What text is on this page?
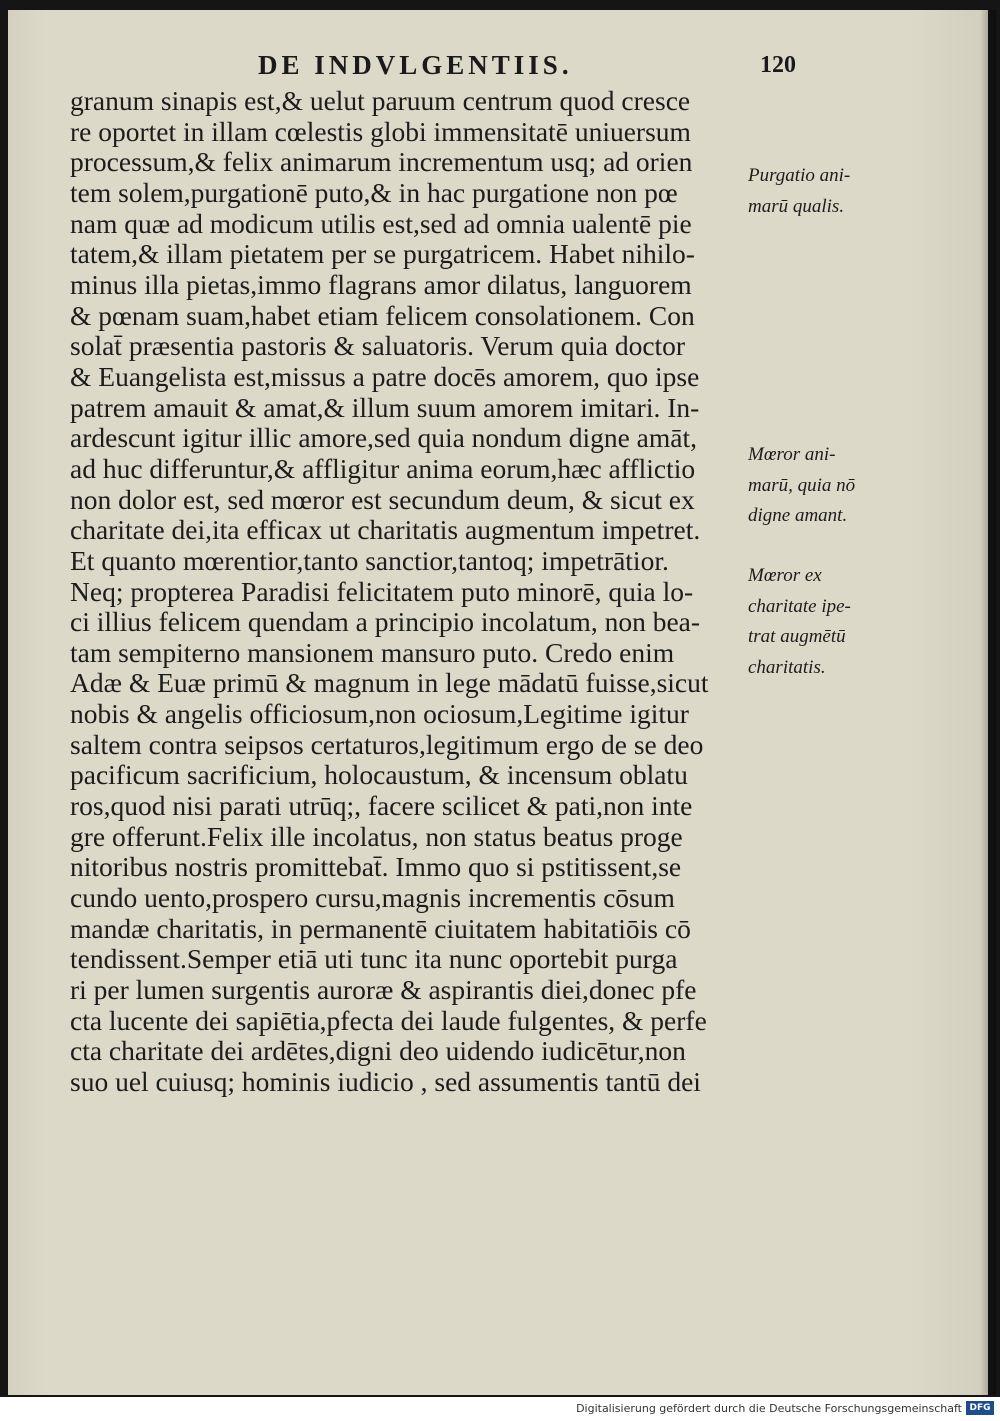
DE INDVLGENTIIS.	120
granum sinapis est,& uelut paruum centrum quod cresce
re oportet in illam cœlestis globi immensitatē uniuersum
processum,& felix animarum incrementum usq; ad orien
tem solem,purgationē puto,& in hac purgatione non pœ
nam quæ ad modicum utilis est,sed ad omnia ualentē pie
tatem,& illam pietatem per se purgatricem. Habet nihilo-
minus illa pietas,immo flagrans amor dilatus, languorem
& pœnam suam,habet etiam felicem consolationem. Con
solat̄ præsentia pastoris & saluatoris. Verum quia doctor
& Euangelista est,missus a patre docēs amorem, quo ipse
patrem amauit & amat,& illum suum amorem imitari. In-
ardescunt igitur illic amore,sed quia nondum digne amāt,
ad huc differuntur,& affligitur anima eorum,hæc afflictio
non dolor est, sed mœror est secundum deum, & sicut ex
charitate dei,ita efficax ut charitatis augmentum impetret.
Et quanto mœrentior,tanto sanctior,tantoq; impetrātior.
Neq; propterea Paradisi felicitatem puto minorē, quia lo-
ci illius felicem quendam a principio incolatum, non bea-
tam sempiterno mansionem mansuro puto. Credo enim
Adæ & Euæ primū & magnum in lege mādatū fuisse,sicut
nobis & angelis officiosum,non ociosum,Legitime igitur
saltem contra seipsos certaturos,legitimum ergo de se deo
pacificum sacrificium, holocaustum, & incensum oblatu
ros,quod nisi parati utrūq;, facere scilicet & pati,non inte
gre offerunt.Felix ille incolatus, non status beatus proge
nitoribus nostris promittebat̄. Immo quo si pstitissent,se
cundo uento,prospero cursu,magnis incrementis cōsum
mandæ charitatis, in permanentē ciuitatem habitatiōis cō
tendissent.Semper etiā uti tunc ita nunc oportebit purga
ri per lumen surgentis auroræ & aspirantis diei,donec pfe
cta lucente dei sapiētia,pfecta dei laude fulgentes, & perfe
cta charitate dei ardētes,digni deo uidendo iudicētur,non
suo uel cuiusq; hominis iudicio , sed assumentis tantū dei
Purgatio ani-
marū qualis.
Mœror ani-
marū, quia nō
digne amant.
Mœror ex
charitate ipe-
trat augmētū
charitatis.
Digitalisierung gefördert durch die Deutsche Forschungsgemeinschaft DFG
